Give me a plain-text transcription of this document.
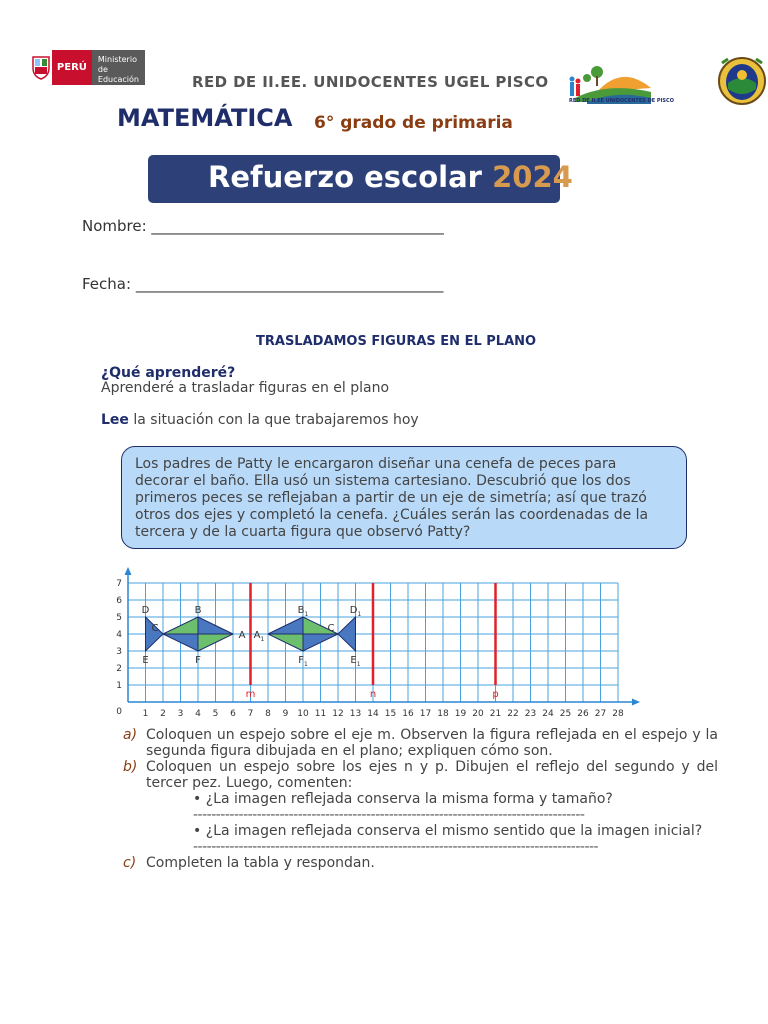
PERÚ
Ministerio
de Educación	RED DE II.EE. UNIDOCENTES UGEL PISCO
RED DE II.EE UNIDOCENTES DE PISCO
MATEMÁTICA 6° grado de primaria
Refuerzo escolar 2024
Nombre: _______________________________________
Fecha: _________________________________________
TRASLADAMOS FIGURAS EN EL PLANO
¿Qué aprenderé?
Aprenderé a trasladar figuras en el plano
Lee la situación con la que trabajaremos hoy
Los padres de Patty le encargaron diseñar una cenefa de peces para
decorar el baño. Ella usó un sistema cartesiano. Descubrió que los dos
primeros peces se reflejaban a partir de un eje de simetría; así que trazó
otros dos ejes y completó la cenefa. ¿Cuáles serán las coordenadas de la
tercera y de la cuarta figura que observó Patty?
1 2 3 4 5 6 7 8 9 10 11 12 13 14 15 16 17 18 19 20 21 22 23 24 25 26 27 28
1
2
3
4
5
6
7
0
m	n	p
D
E
C
B
F
A $A_1$
$B_1$
$F_1$
C
$D_1$
$E_1$
a) Coloquen un espejo sobre el eje m. Observen la figura reflejada en el espejo y la segunda figura dibujada en el plano; expliquen cómo son.
b) Coloquen un espejo sobre los ejes n y p. Dibujen el reflejo del segundo y del tercer pez. Luego, comenten:
• ¿La imagen reflejada conserva la misma forma y tamaño?
--------------------------------------------------------------------------------------
• ¿La imagen reflejada conserva el mismo sentido que la imagen inicial?
-----------------------------------------------------------------------------------------
c) Completen la tabla y respondan.
